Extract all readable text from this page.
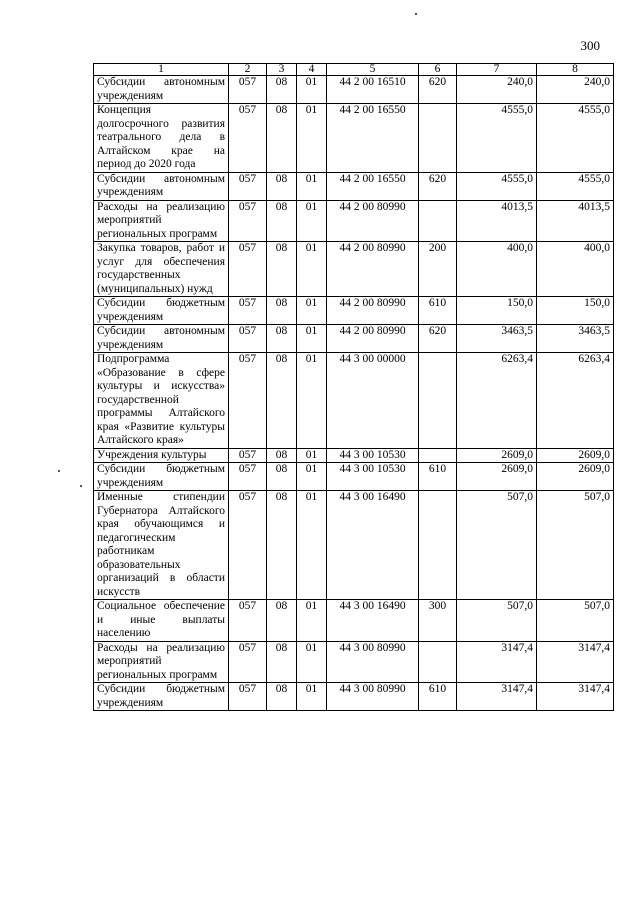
300
1	2	3	4	5	6	7	8
Субсидии автономным учреждениям	057	08	01	44 2 00 16510	620	240,0	240,0
Концепция долгосрочного развития театрального дела в Алтайском крае на период до 2020 года	057	08	01	44 2 00 16550		4555,0	4555,0
Субсидии автономным учреждениям	057	08	01	44 2 00 16550	620	4555,0	4555,0
Расходы на реализацию мероприятий региональных программ	057	08	01	44 2 00 80990		4013,5	4013,5
Закупка товаров, работ и услуг для обеспечения государственных (муниципальных) нужд	057	08	01	44 2 00 80990	200	400,0	400,0
Субсидии бюджетным учреждениям	057	08	01	44 2 00 80990	610	150,0	150,0
Субсидии автономным учреждениям	057	08	01	44 2 00 80990	620	3463,5	3463,5
Подпрограмма «Образование в сфере культуры и искусства» государственной программы Алтайского края «Развитие культуры Алтайского края»	057	08	01	44 3 00 00000		6263,4	6263,4
Учреждения культуры	057	08	01	44 3 00 10530		2609,0	2609,0
Субсидии бюджетным учреждениям	057	08	01	44 3 00 10530	610	2609,0	2609,0
Именные стипендии Губернатора Алтайского края обучающимся и педагогическим работникам образовательных организаций в области искусств	057	08	01	44 3 00 16490		507,0	507,0
Социальное обеспечение и иные выплаты населению	057	08	01	44 3 00 16490	300	507,0	507,0
Расходы на реализацию мероприятий региональных программ	057	08	01	44 3 00 80990		3147,4	3147,4
Субсидии бюджетным учреждениям	057	08	01	44 3 00 80990	610	3147,4	3147,4
